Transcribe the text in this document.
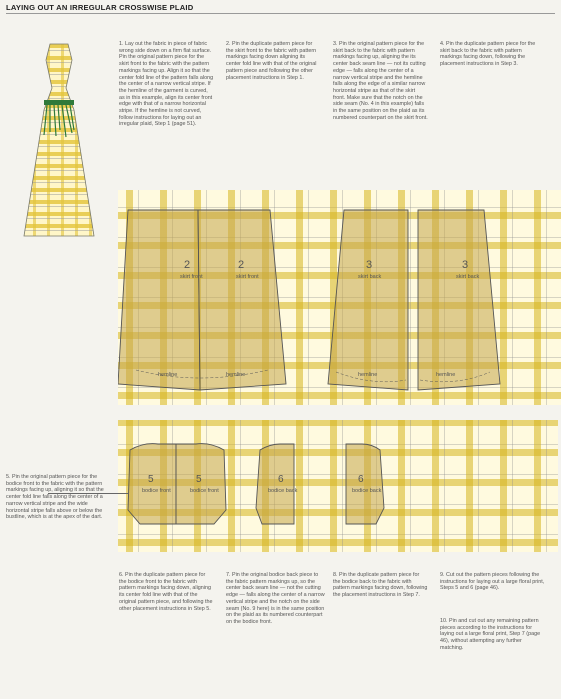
LAYING OUT AN IRREGULAR CROSSWISE PLAID
1. Lay out the fabric in piece of fabric wrong side down on a firm flat surface. Pin the original pattern piece for the skirt front to the fabric with the pattern markings facing up. Align it so that the center fold line of the pattern falls along the center of a narrow vertical stripe. If the hemline of the garment is curved, as in this example, align its center front edge with that of a narrow horizontal stripe. If the hemline is not curved, follow instructions for laying out an irregular plaid, Step 1 (page 51).
2. Pin the duplicate pattern piece for the skirt front to the fabric with pattern markings facing down aligning its center fold line with that of the original pattern piece and following the other placement instructions in Step 1.
3. Pin the original pattern piece for the skirt back to the fabric with pattern markings facing up, aligning the its center back seam line — not its cutting edge — falls along the center of a narrow vertical stripe and the hemline falls along the edge of a similar narrow horizontal stripe as that of the skirt front. Make sure that the notch on the side seam (No. 4 in this example) falls in the same position on the plaid as its numbered counterpart on the skirt front.
4. Pin the duplicate pattern piece for the skirt back to the fabric with pattern markings facing down, following the placement instructions in Step 3.
2	2
skirt front	skirt front
3	3
skirt back	skirt back
hemline	hemline	hemline	hemline
5	5
bodice front	bodice front
6	6
bodice back	bodice back
5. Pin the original pattern piece for the bodice front to the fabric with the pattern markings facing up, aligning it so that the center fold line falls along the center of a narrow vertical stripe and the wide horizontal stripe falls above or below the bustline, which is at the apex of the dart.
6. Pin the duplicate pattern piece for the bodice front to the fabric with pattern markings facing down, aligning its center fold line with that of the original pattern piece, and following the other placement instructions in Step 5.
7. Pin the original bodice back piece to the fabric pattern markings up, so the center back seam line — not the cutting edge — falls along the center of a narrow vertical stripe and the notch on the side seam (No. 9 here) is in the same position on the plaid as its numbered counterpart on the bodice front.
8. Pin the duplicate pattern piece for the bodice back to the fabric with pattern markings facing down, following the placement instructions in Step 7.
9. Cut out the pattern pieces following the instructions for laying out a large floral print, Steps 5 and 6 (page 46).
10. Pin and cut out any remaining pattern pieces according to the instructions for laying out a large floral print, Step 7 (page 46), without attempting any further matching.
